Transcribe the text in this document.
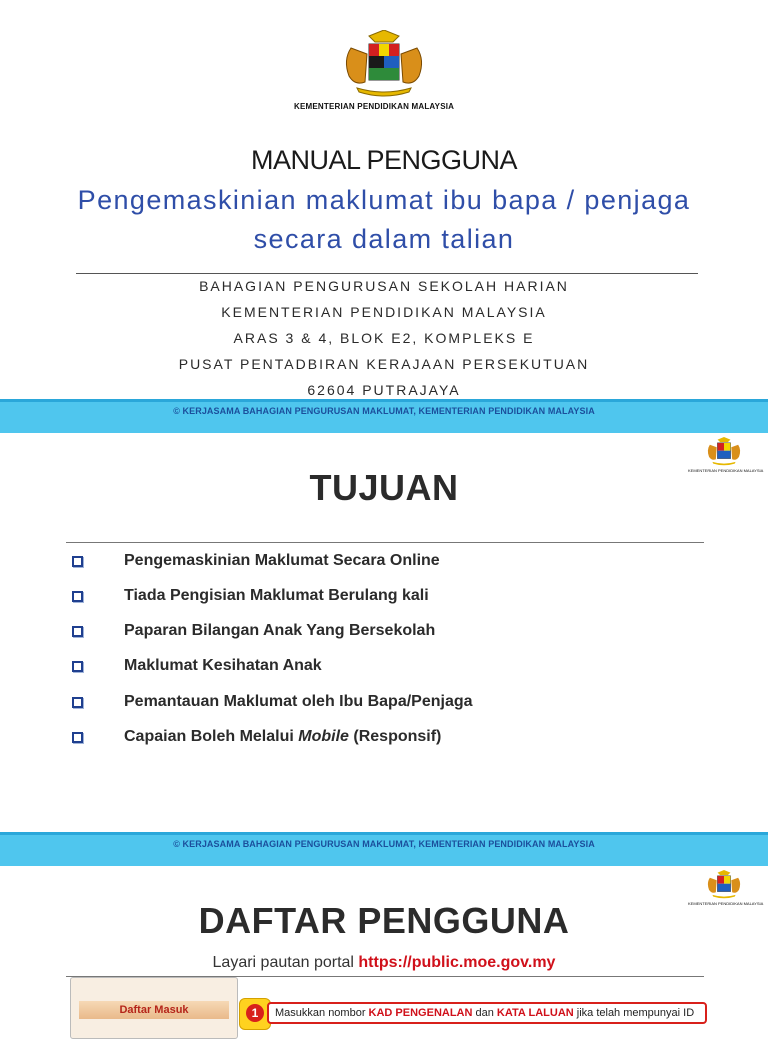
KEMENTERIAN PENDIDIKAN MALAYSIA
MANUAL PENGGUNA
Pengemaskinian maklumat ibu bapa / penjaga
secara dalam talian
BAHAGIAN PENGURUSAN SEKOLAH HARIAN
KEMENTERIAN PENDIDIKAN MALAYSIA
ARAS 3 & 4, BLOK E2, KOMPLEKS E
PUSAT PENTADBIRAN KERAJAAN PERSEKUTUAN
62604 PUTRAJAYA
© KERJASAMA BAHAGIAN PENGURUSAN MAKLUMAT, KEMENTERIAN PENDIDIKAN MALAYSIA
KEMENTERIAN PENDIDIKAN MALAYSIA
TUJUAN
Pengemaskinian Maklumat Secara Online
Tiada Pengisian Maklumat Berulang kali
Paparan Bilangan Anak Yang Bersekolah
Maklumat Kesihatan Anak
Pemantauan Maklumat oleh Ibu Bapa/Penjaga
Capaian Boleh Melalui Mobile (Responsif)
© KERJASAMA BAHAGIAN PENGURUSAN MAKLUMAT, KEMENTERIAN PENDIDIKAN MALAYSIA
KEMENTERIAN PENDIDIKAN MALAYSIA
DAFTAR PENGGUNA
Layari pautan portal https://public.moe.gov.my
Daftar Masuk	1	Masukkan nombor KAD PENGENALAN dan KATA LALUAN jika telah mempunyai ID
